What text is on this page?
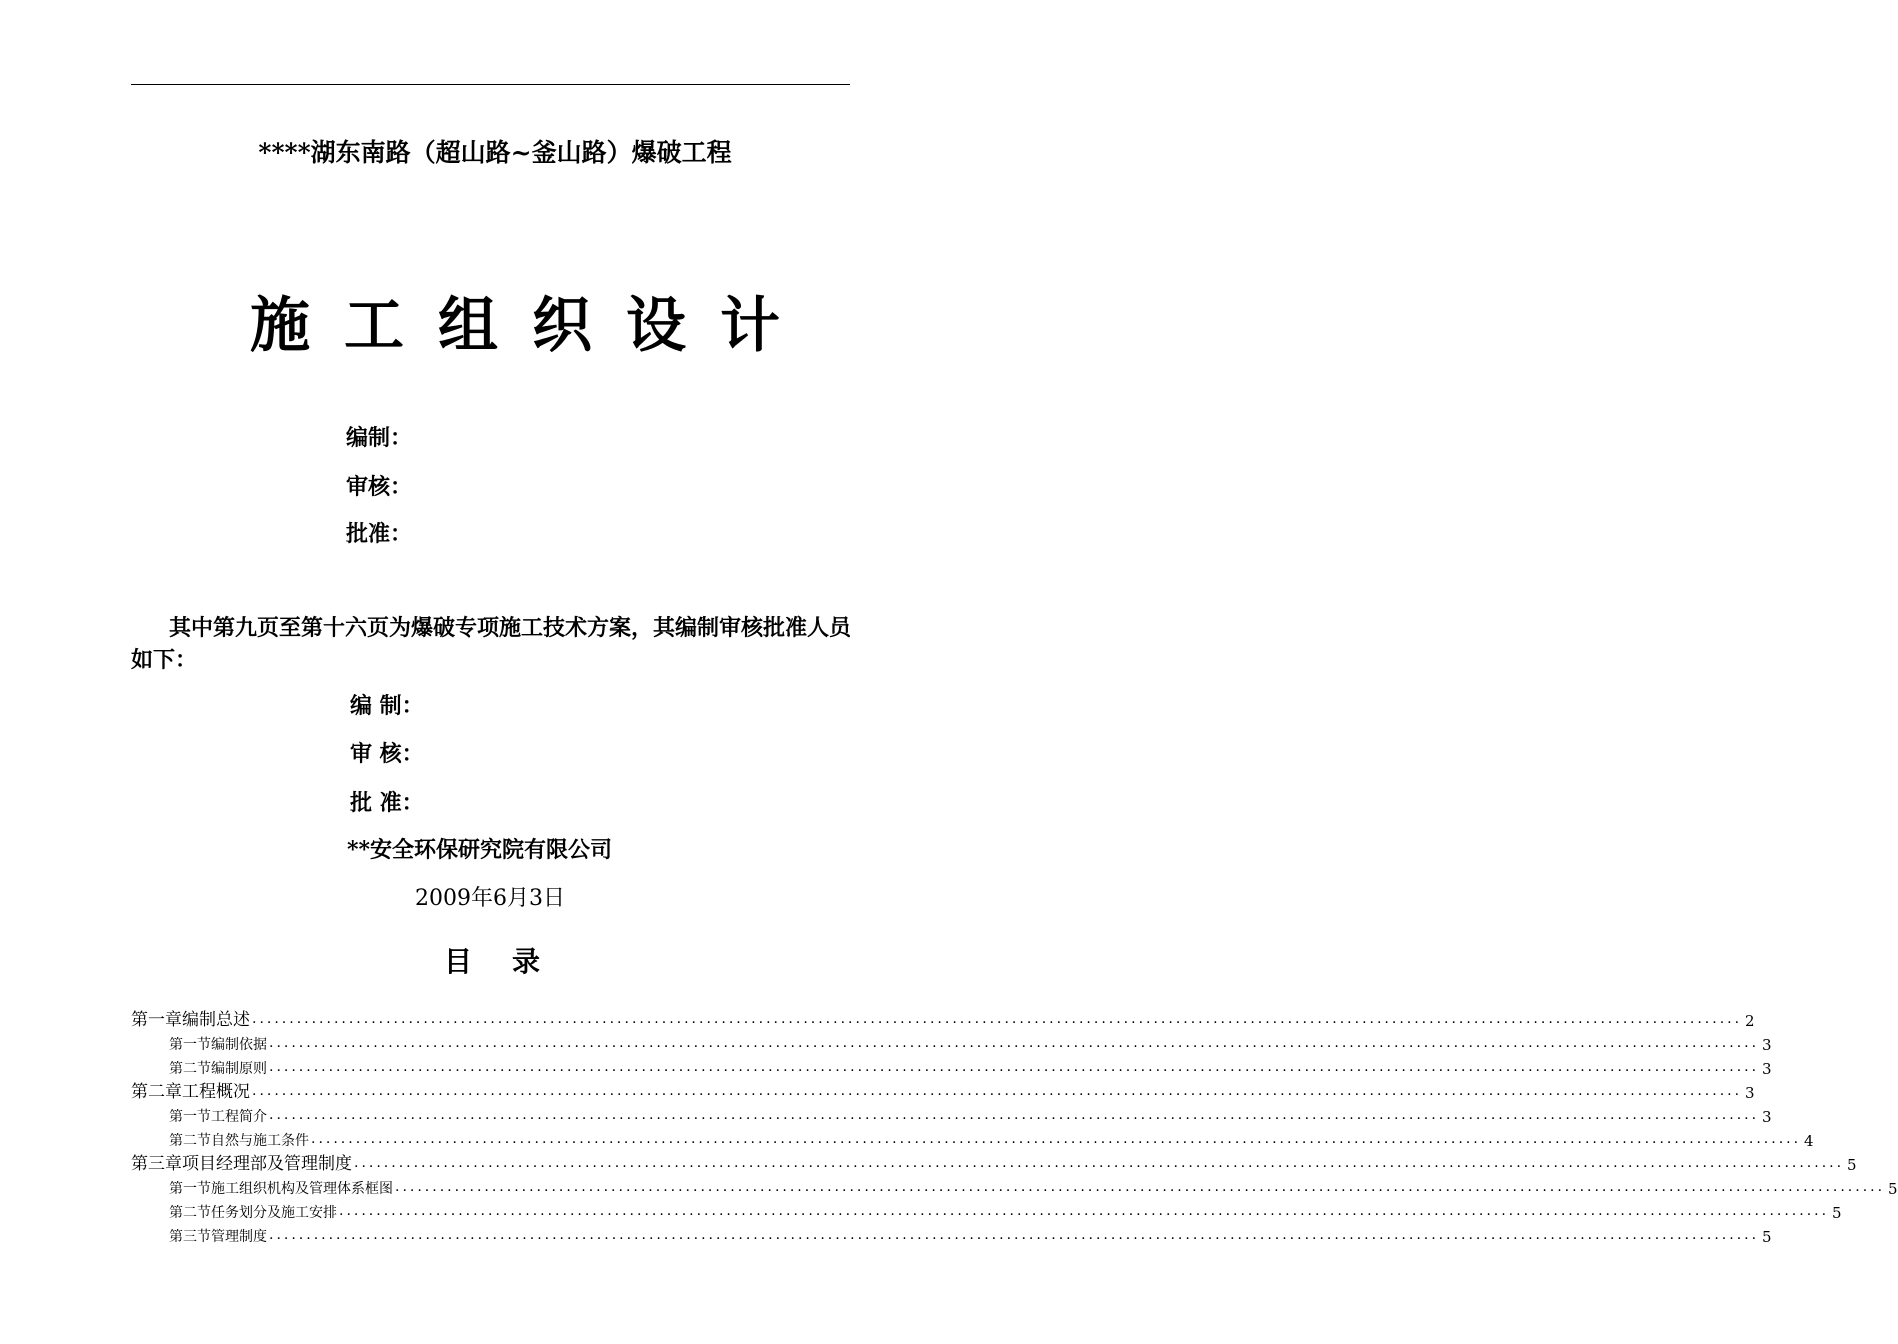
****湖东南路（超山路~釜山路）爆破工程
施工组织设计
编制：
审核：
批准：
其中第九页至第十六页为爆破专项施工技术方案，其编制审核批准人员如下：
编 制：
审 核：
批 准：
**安全环保研究院有限公司
2009年6月3日
目录
第一章 编制总述 ........................................................................................................................................................................................................ 2
第一节 编制依据 ........................................................................................................................................................................................................ 3
第二节 编制原则 ........................................................................................................................................................................................................ 3
第二章 工程概况 ........................................................................................................................................................................................................ 3
第一节 工程简介 ........................................................................................................................................................................................................ 3
第二节 自然与施工条件 ........................................................................................................................................................................................................ 4
第三章 项目经理部及管理制度 ........................................................................................................................................................................................................ 5
第一节 施工组织机构及管理体系框图 ........................................................................................................................................................................................................ 5
第二节 任务划分及施工安排 ........................................................................................................................................................................................................ 5
第三节 管理制度 ........................................................................................................................................................................................................ 5
